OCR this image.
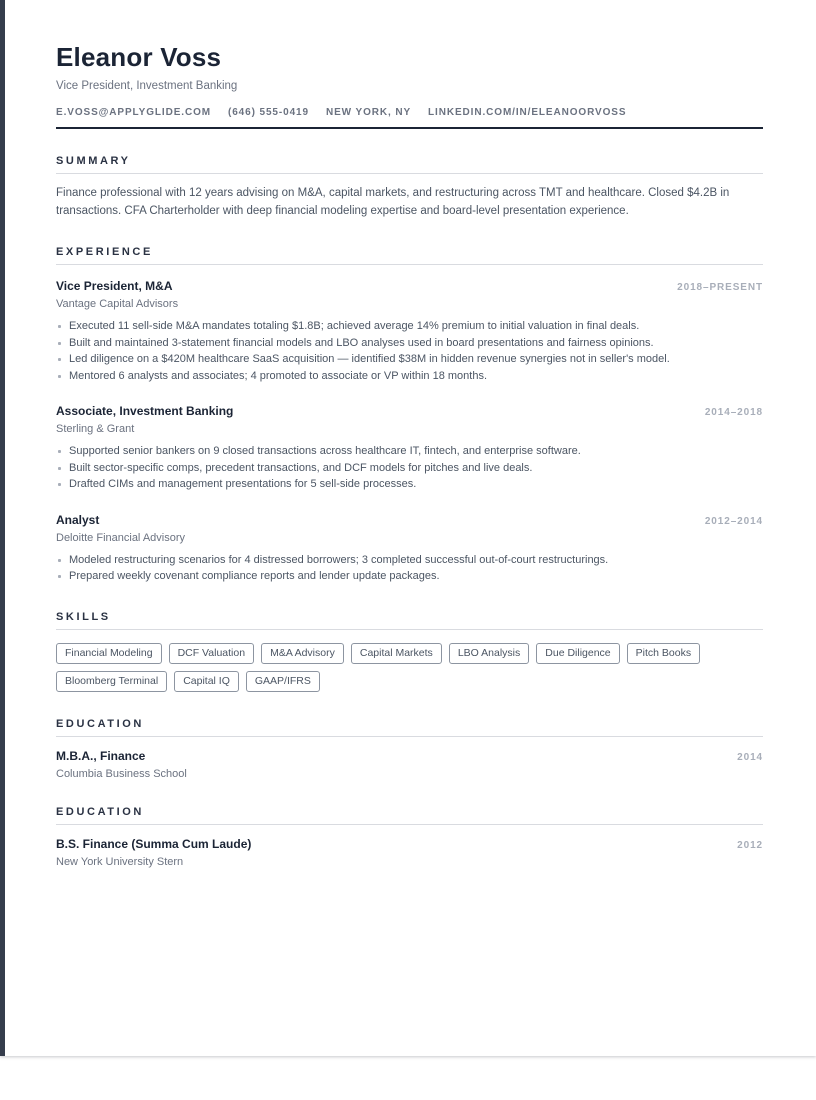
Eleanor Voss
Vice President, Investment Banking
E.VOSS@APPLYGLIDE.COM (646) 555-0419 NEW YORK, NY LINKEDIN.COM/IN/ELEANOORVOSS
SUMMARY
Finance professional with 12 years advising on M&A, capital markets, and restructuring across TMT and healthcare. Closed $4.2B in transactions. CFA Charterholder with deep financial modeling expertise and board-level presentation experience.
EXPERIENCE
Vice President, M&A	2018–PRESENT
Vantage Capital Advisors
Executed 11 sell-side M&A mandates totaling $1.8B; achieved average 14% premium to initial valuation in final deals.
Built and maintained 3-statement financial models and LBO analyses used in board presentations and fairness opinions.
Led diligence on a $420M healthcare SaaS acquisition — identified $38M in hidden revenue synergies not in seller's model.
Mentored 6 analysts and associates; 4 promoted to associate or VP within 18 months.
Associate, Investment Banking	2014–2018
Sterling & Grant
Supported senior bankers on 9 closed transactions across healthcare IT, fintech, and enterprise software.
Built sector-specific comps, precedent transactions, and DCF models for pitches and live deals.
Drafted CIMs and management presentations for 5 sell-side processes.
Analyst	2012–2014
Deloitte Financial Advisory
Modeled restructuring scenarios for 4 distressed borrowers; 3 completed successful out-of-court restructurings.
Prepared weekly covenant compliance reports and lender update packages.
SKILLS
Financial Modeling	DCF Valuation	M&A Advisory	Capital Markets	LBO Analysis	Due Diligence	Pitch Books
Bloomberg Terminal	Capital IQ	GAAP/IFRS
EDUCATION
M.B.A., Finance	2014
Columbia Business School
EDUCATION
B.S. Finance (Summa Cum Laude)	2012
New York University Stern
